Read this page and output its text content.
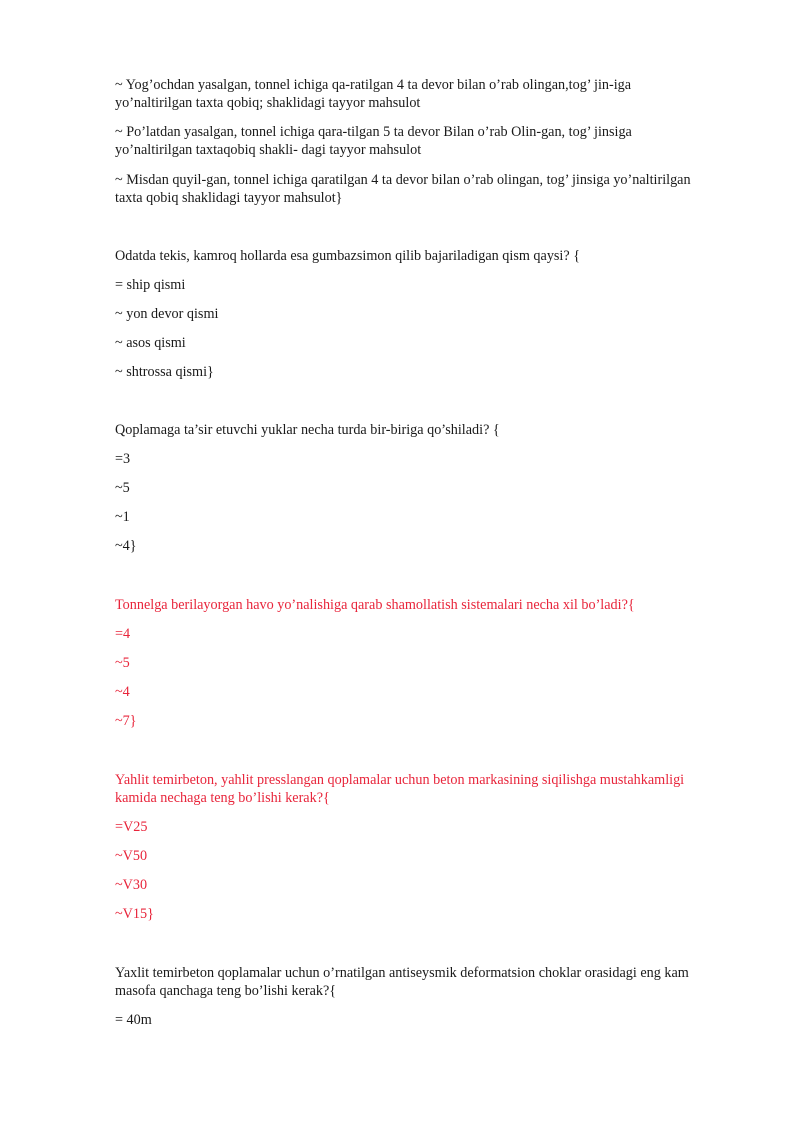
~ Yog’ochdan yasalgan, tonnel ichiga qa-ratilgan 4 ta devor bilan o’rab olingan,tog’ jin-iga
yo’naltirilgan taxta qobiq; shaklidagi tayyor mahsulot
~ Po’latdan yasalgan, tonnel ichiga qara-tilgan 5 ta devor Bilan o’rab Olin-gan, tog’ jinsiga
yo’naltirilgan taxtaqobiq shakli- dagi tayyor mahsulot
~ Misdan quyil-gan, tonnel ichiga qaratilgan 4 ta devor bilan o’rab olingan, tog’ jinsiga yo’naltirilgan
taxta qobiq shaklidagi tayyor mahsulot}
Odatda tekis, kamroq hollarda esa gumbazsimon qilib bajariladigan qism qaysi? {
= ship qismi
~ yon devor qismi
~ asos qismi
~ shtrossa qismi}
Qoplamaga ta’sir etuvchi yuklar necha turda bir-biriga qo’shiladi? {
=3
~5
~1
~4}
Tonnelga berilayorgan havo yo’nalishiga qarab shamollatish sistemalari necha xil bo’ladi?{
=4
~5
~4
~7}
Yahlit temirbeton, yahlit presslangan qoplamalar uchun beton markasining siqilishga mustahkamligi
kamida nechaga teng bo’lishi kerak?{
=V25
~V50
~V30
~V15}
Yaxlit temirbeton qoplamalar uchun o’rnatilgan antiseysmik deformatsion choklar orasidagi eng kam
masofa qanchaga teng bo’lishi kerak?{
= 40m
